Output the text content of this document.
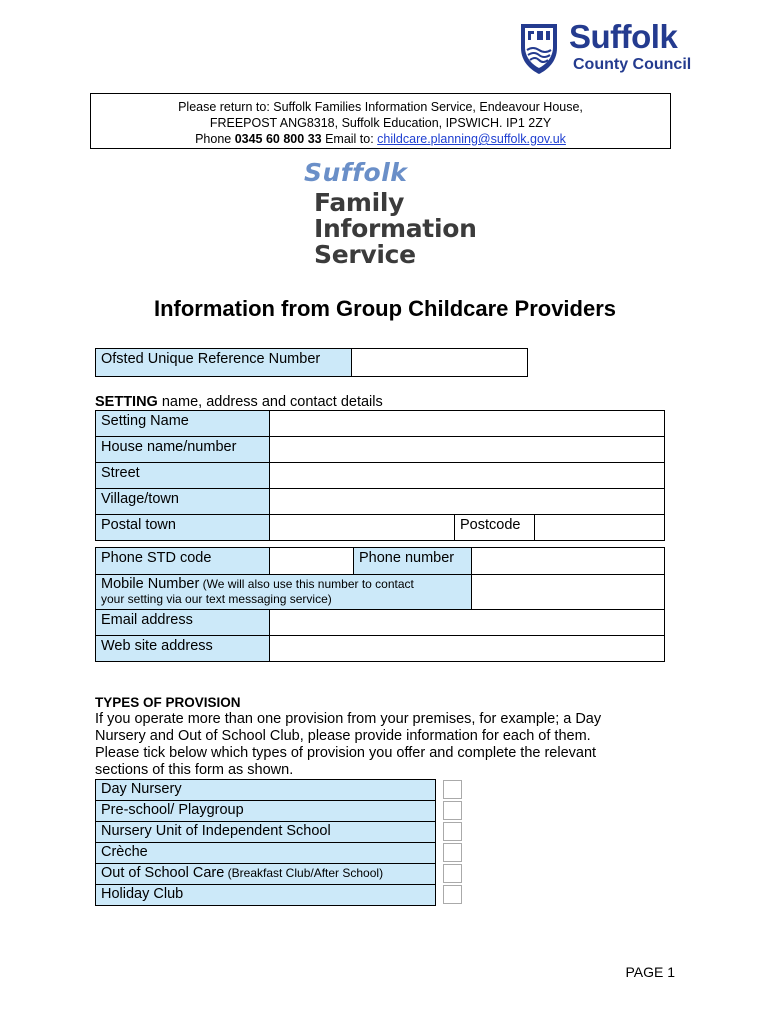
Suffolk
County Council
Please return to: Suffolk Families Information Service, Endeavour House,
FREEPOST ANG8318, Suffolk Education, IPSWICH. IP1 2ZY
Phone 0345 60 800 33 Email to: childcare.planning@suffolk.gov.uk
Suffolk
Family
Information
Service
Information from Group Childcare Providers
Ofsted Unique Reference Number	
SETTING name, address and contact details
Setting Name			
House name/number			
Street			
Village/town			
Postal town		Postcode	
Phone STD code		Phone number	
Mobile Number (We will also use this number to contact
your setting via our text messaging service)			
Email address			
Web site address			
TYPES OF PROVISION
If you operate more than one provision from your premises, for example; a Day
Nursery and Out of School Club, please provide information for each of them.
Please tick below which types of provision you offer and complete the relevant
sections of this form as shown.
Day Nursery
Pre-school/ Playgroup
Nursery Unit of Independent School
Crèche
Out of School Care (Breakfast Club/After School)
Holiday Club
PAGE 1
